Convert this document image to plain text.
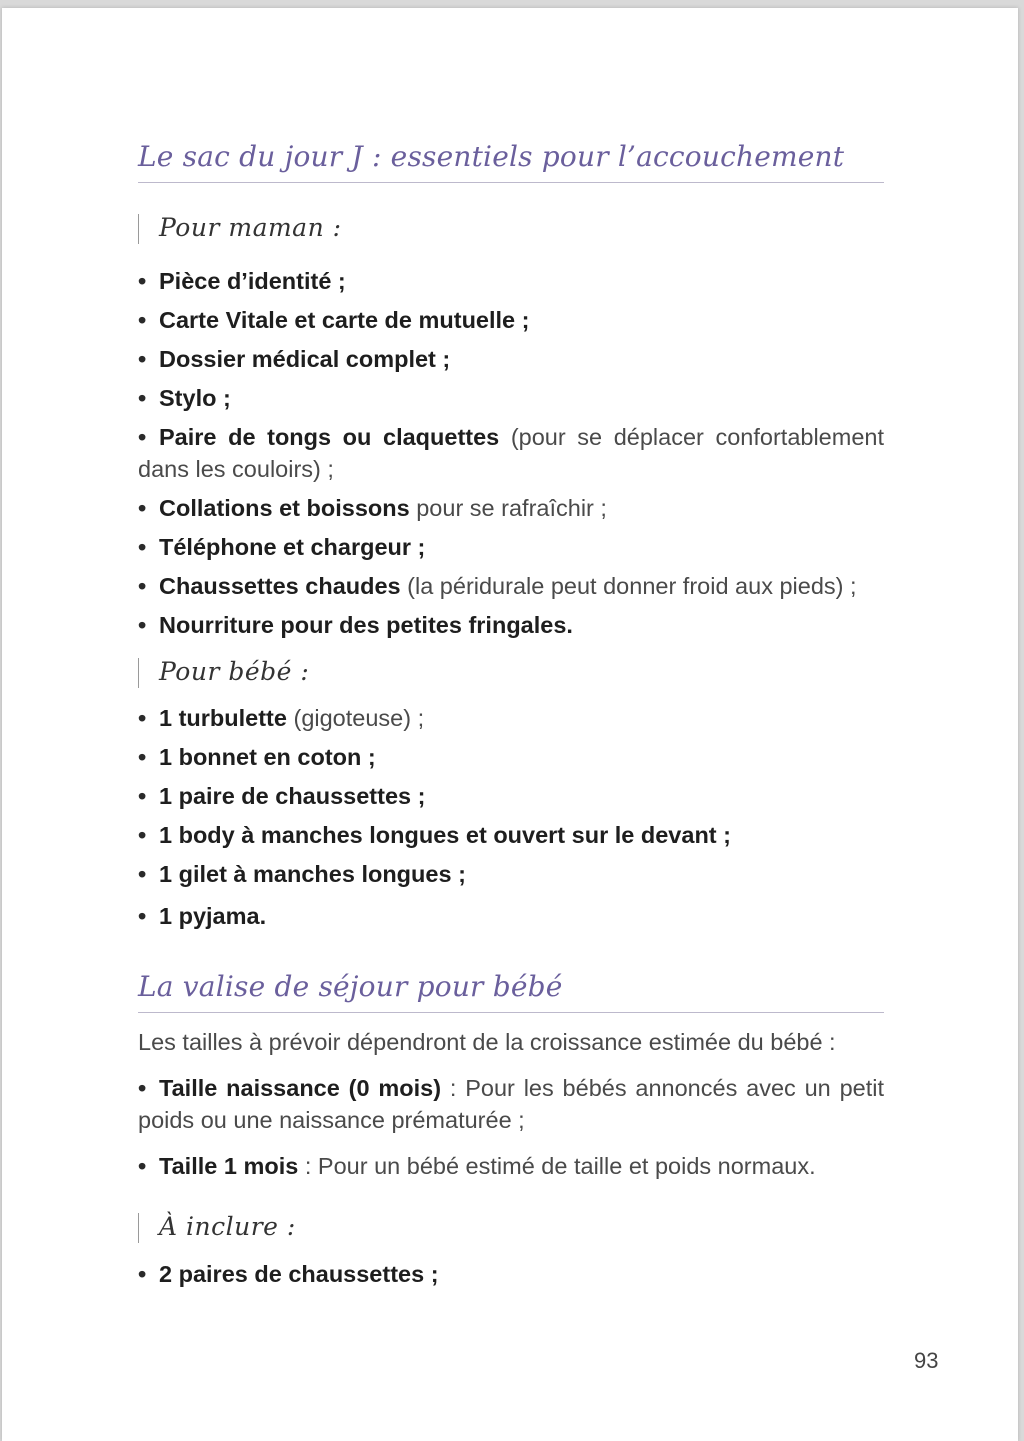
Le sac du jour J : essentiels pour l’accouchement
Pour maman :
• Pièce d’identité ;
• Carte Vitale et carte de mutuelle ;
• Dossier médical complet ;
• Stylo ;
• Paire de tongs ou claquettes (pour se déplacer confortablement dans les couloirs) ;
• Collations et boissons pour se rafraîchir ;
• Téléphone et chargeur ;
• Chaussettes chaudes (la péridurale peut donner froid aux pieds) ;
• Nourriture pour des petites fringales.
Pour bébé :
• 1 turbulette (gigoteuse) ;
• 1 bonnet en coton ;
• 1 paire de chaussettes ;
• 1 body à manches longues et ouvert sur le devant ;
• 1 gilet à manches longues ;
• 1 pyjama.
La valise de séjour pour bébé
Les tailles à prévoir dépendront de la croissance estimée du bébé :
• Taille naissance (0 mois) : Pour les bébés annoncés avec un petit poids ou une naissance prématurée ;
• Taille 1 mois : Pour un bébé estimé de taille et poids normaux.
À inclure :
• 2 paires de chaussettes ;
93
